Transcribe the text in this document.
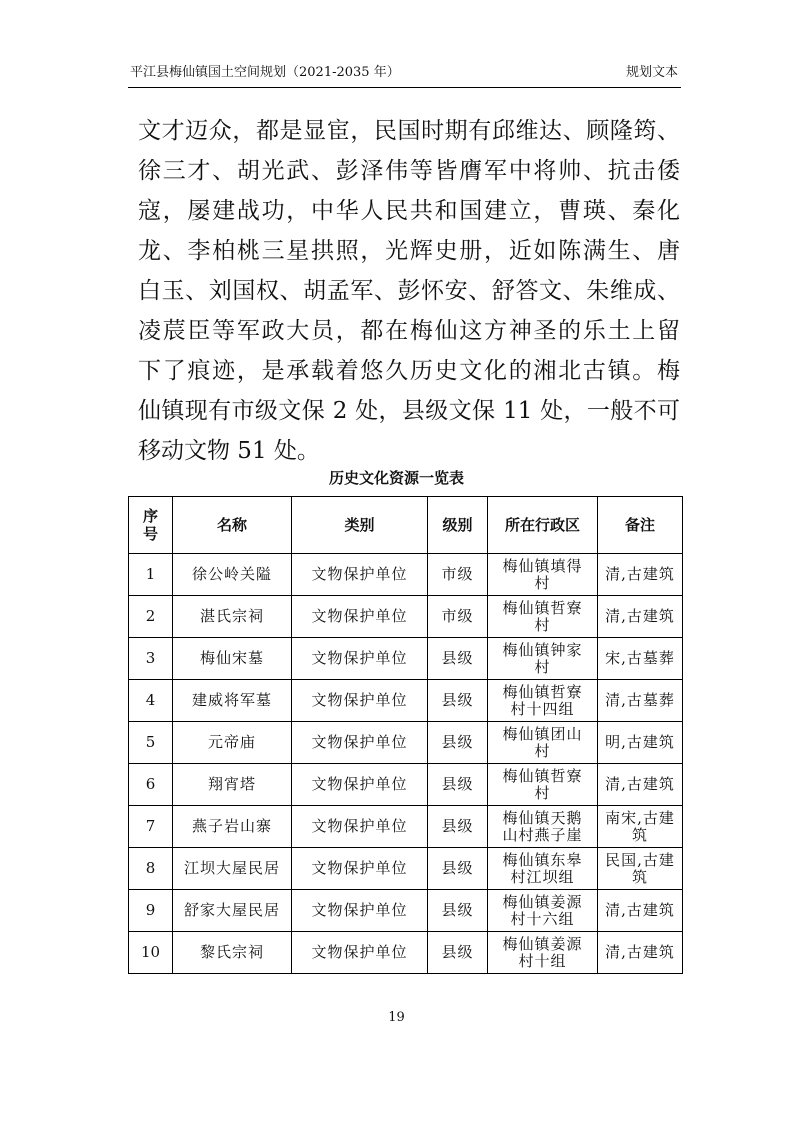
平江县梅仙镇国土空间规划（2021-2035 年）	规划文本
文才迈众，都是显宦，民国时期有邱维达、顾隆筠、
徐三才、胡光武、彭泽伟等皆膺军中将帅、抗击倭
寇，屡建战功，中华人民共和国建立，曹瑛、秦化
龙、李柏桃三星拱照，光辉史册，近如陈满生、唐
白玉、刘国权、胡孟军、彭怀安、舒答文、朱维成、
凌莀臣等军政大员，都在梅仙这方神圣的乐土上留
下了痕迹，是承载着悠久历史文化的湘北古镇。梅
仙镇现有市级文保 2 处，县级文保 11 处，一般不可
移动文物 51 处。
历史文化资源一览表
序号	名称	类别	级别	所在行政区	备注
1	徐公岭关隘	文物保护单位	市级	梅仙镇填得村	清,古建筑
2	湛氏宗祠	文物保护单位	市级	梅仙镇哲寮村	清,古建筑
3	梅仙宋墓	文物保护单位	县级	梅仙镇钟家村	宋,古墓葬
4	建威将军墓	文物保护单位	县级	梅仙镇哲寮村十四组	清,古墓葬
5	元帝庙	文物保护单位	县级	梅仙镇团山村	明,古建筑
6	翔宵塔	文物保护单位	县级	梅仙镇哲寮村	清,古建筑
7	燕子岩山寨	文物保护单位	县级	梅仙镇天鹅山村燕子崖	南宋,古建筑
8	江坝大屋民居	文物保护单位	县级	梅仙镇东皋村江坝组	民国,古建筑
9	舒家大屋民居	文物保护单位	县级	梅仙镇姜源村十六组	清,古建筑
10	黎氏宗祠	文物保护单位	县级	梅仙镇姜源村十组	清,古建筑
19
